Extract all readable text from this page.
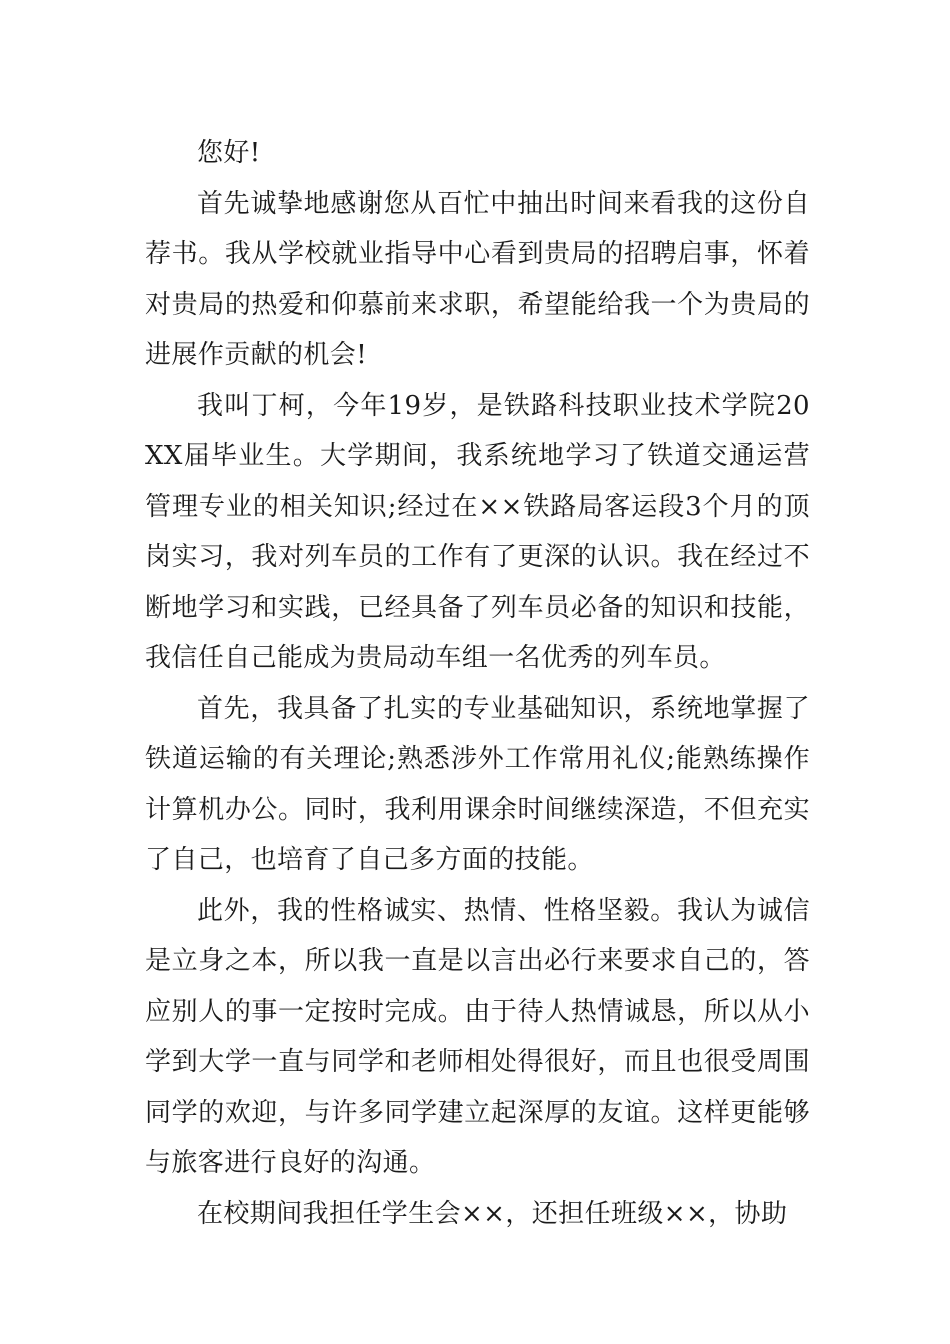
您好!

首先诚挚地感谢您从百忙中抽出时间来看我的这份自荐书。我从学校就业指导中心看到贵局的招聘启事，怀着对贵局的热爱和仰慕前来求职，希望能给我一个为贵局的进展作贡献的机会!

我叫丁柯，今年19岁，是铁路科技职业技术学院20XX届毕业生。大学期间，我系统地学习了铁道交通运营管理专业的相关知识;经过在××铁路局客运段3个月的顶岗实习，我对列车员的工作有了更深的认识。我在经过不断地学习和实践，已经具备了列车员必备的知识和技能，我信任自己能成为贵局动车组一名优秀的列车员。

首先，我具备了扎实的专业基础知识，系统地掌握了铁道运输的有关理论;熟悉涉外工作常用礼仪;能熟练操作计算机办公。同时，我利用课余时间继续深造，不但充实了自己，也培育了自己多方面的技能。

此外，我的性格诚实、热情、性格坚毅。我认为诚信是立身之本，所以我一直是以言出必行来要求自己的，答应别人的事一定按时完成。由于待人热情诚恳，所以从小学到大学一直与同学和老师相处得很好，而且也很受周围同学的欢迎，与许多同学建立起深厚的友谊。这样更能够与旅客进行良好的沟通。

在校期间我担任学生会××，还担任班级××，协助
